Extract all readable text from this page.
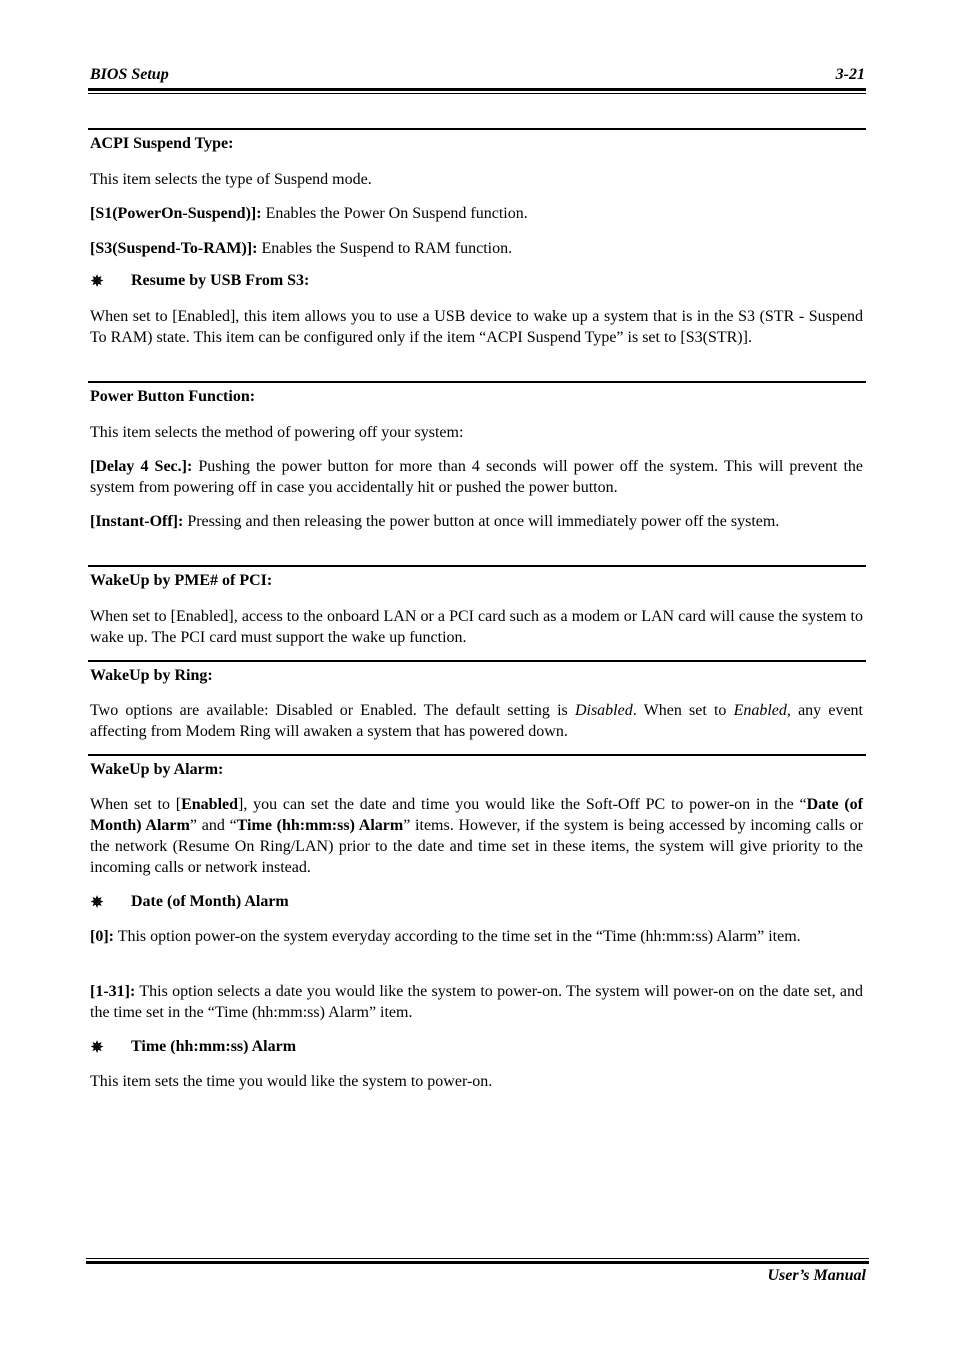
BIOS Setup	3-21
ACPI Suspend Type:
This item selects the type of Suspend mode.
[S1(PowerOn-Suspend)]: Enables the Power On Suspend function.
[S3(Suspend-To-RAM)]: Enables the Suspend to RAM function.
✵ Resume by USB From S3:
When set to [Enabled], this item allows you to use a USB device to wake up a system that is in the S3 (STR - Suspend To RAM) state. This item can be configured only if the item “ACPI Suspend Type” is set to [S3(STR)].
Power Button Function:
This item selects the method of powering off your system:
[Delay 4 Sec.]: Pushing the power button for more than 4 seconds will power off the system. This will prevent the system from powering off in case you accidentally hit or pushed the power button.
[Instant-Off]: Pressing and then releasing the power button at once will immediately power off the system.
WakeUp by PME# of PCI:
When set to [Enabled], access to the onboard LAN or a PCI card such as a modem or LAN card will cause the system to wake up. The PCI card must support the wake up function.
WakeUp by Ring:
Two options are available: Disabled or Enabled. The default setting is Disabled. When set to Enabled, any event affecting from Modem Ring will awaken a system that has powered down.
WakeUp by Alarm:
When set to [Enabled], you can set the date and time you would like the Soft-Off PC to power-on in the “Date (of Month) Alarm” and “Time (hh:mm:ss) Alarm” items. However, if the system is being accessed by incoming calls or the network (Resume On Ring/LAN) prior to the date and time set in these items, the system will give priority to the incoming calls or network instead.
✵ Date (of Month) Alarm
[0]: This option power-on the system everyday according to the time set in the “Time (hh:mm:ss) Alarm” item.
[1-31]: This option selects a date you would like the system to power-on. The system will power-on on the date set, and the time set in the “Time (hh:mm:ss) Alarm” item.
✵ Time (hh:mm:ss) Alarm
This item sets the time you would like the system to power-on.
User’s Manual
